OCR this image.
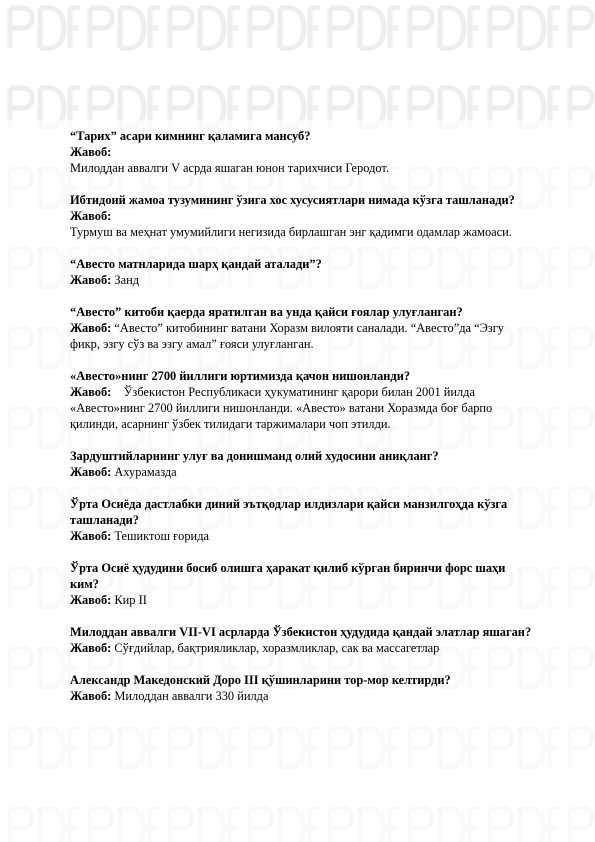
“Тарих” асари кимнинг қаламига мансуб?

Жавоб:

Милоддан аввалги V асрда яшаган юнон тарихчиси Геродот.

Ибтидоий жамоа тузумининг ўзига хос хусусиятлари нимада кўзга ташланади?

Жавоб:

Турмуш ва меҳнат умумийлиги негизида бирлашган энг қадимги одамлар жамоаси.

“Авесто матнларида шарҳ қандай аталади”?

Жавоб: Занд

“Авесто” китоби қаерда яратилган ва унда қайси ғоялар улуғланган?

Жавоб: “Авесто” китобининг ватани Хоразм вилояти саналади. “Авесто”да “Эзгу фикр, эзгу сўз ва эзгу амал” ғояси улуғланган.

«Авесто»нинг 2700 йиллиги юртимизда қачон нишонланди?

Жавоб: Ўзбекистон Республикаси ҳукуматининг қарори билан 2001 йилда «Авесто»нинг 2700 йиллиги нишонланди. «Авесто» ватани Хоразмда боғ барпо қилинди, асарнинг ўзбек тилидаги таржималари чоп этилди.

Зардуштийларнинг улуғ ва донишманд олий худосини аниқланг?

Жавоб: Ахурамазда

Ўрта Осиёда дастлабки диний эътқодлар илдизлари қайси манзилгоҳда кўзга ташланади?

Жавоб: Тешиктош ғорида

Ўрта Осиё ҳудудини босиб олишга ҳаракат қилиб кўрган биринчи форс шаҳи ким?

Жавоб: Кир II

Милоддан аввалги VII-VI асрларда Ўзбекистон ҳудудида қандай элатлар яшаган?

Жавоб: Сўғдийлар, бақтрияликлар, хоразмликлар, сак ва массагетлар

Александр Македонский Доро III қўшинларини тор-мор келтирди?

Жавоб: Милоддан аввалги 330 йилда
